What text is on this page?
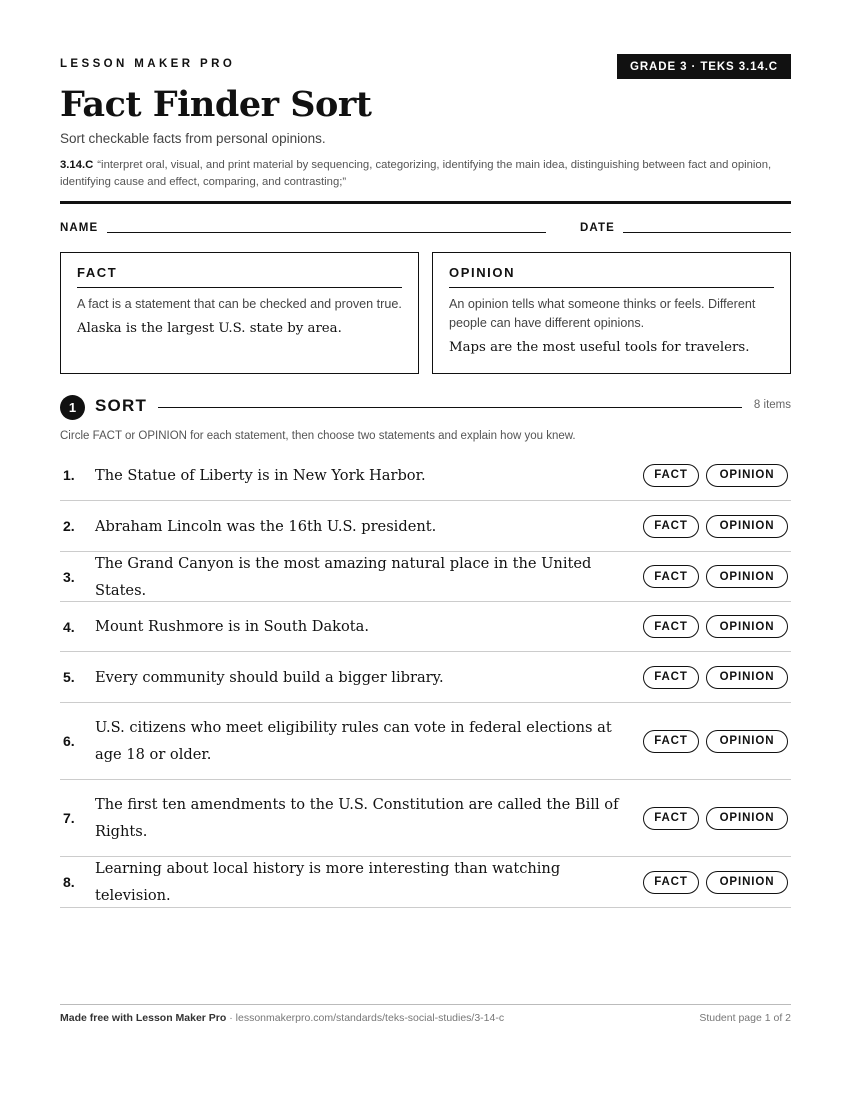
LESSON MAKER PRO	GRADE 3 · TEKS 3.14.C
Fact Finder Sort
Sort checkable facts from personal opinions.
3.14.C “interpret oral, visual, and print material by sequencing, categorizing, identifying the main idea, distinguishing between fact and opinion, identifying cause and effect, comparing, and contrasting;”
NAME	DATE
FACT
A fact is a statement that can be checked and proven true.
Alaska is the largest U.S. state by area.
OPINION
An opinion tells what someone thinks or feels. Different people can have different opinions.
Maps are the most useful tools for travelers.
1	SORT	8 items
Circle FACT or OPINION for each statement, then choose two statements and explain how you knew.
1. The Statue of Liberty is in New York Harbor.	FACT	OPINION
2. Abraham Lincoln was the 16th U.S. president.	FACT	OPINION
3.
The Grand Canyon is the most amazing natural place in the United States.
FACT	OPINION
4. Mount Rushmore is in South Dakota.	FACT	OPINION
5. Every community should build a bigger library.	FACT	OPINION
6.
U.S. citizens who meet eligibility rules can vote in federal elections at age 18 or older.
FACT	OPINION
7.
The first ten amendments to the U.S. Constitution are called the Bill of Rights.
FACT	OPINION
8.
Learning about local history is more interesting than watching television.
FACT	OPINION
Made free with Lesson Maker Pro · lessonmakerpro.com/standards/teks-social-studies/3-14-c	Student page 1 of 2
